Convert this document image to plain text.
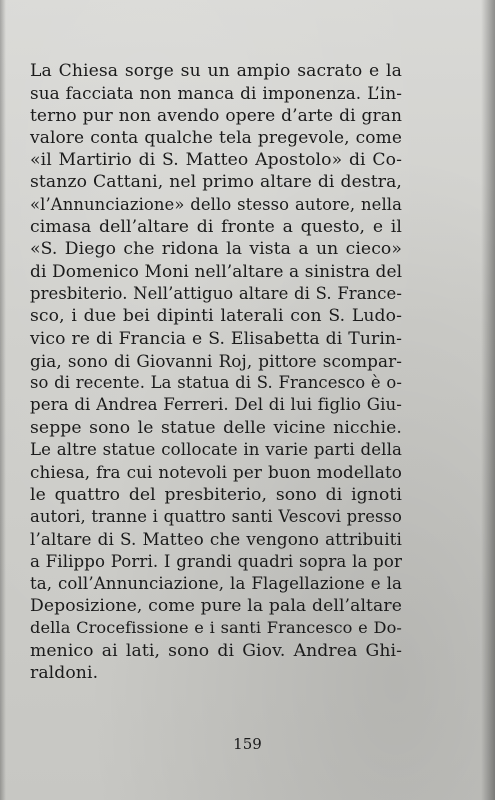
La Chiesa sorge su un ampio sacrato e la
sua facciata non manca di imponenza. L’in-
terno pur non avendo opere d’arte di gran
valore conta qualche tela pregevole, come
«il Martirio di S. Matteo Apostolo» di Co-
stanzo Cattani, nel primo altare di destra,
«l’Annunciazione» dello stesso autore, nella
cimasa dell’altare di fronte a questo, e il
«S. Diego che ridona la vista a un cieco»
di Domenico Moni nell’altare a sinistra del
presbiterio. Nell’attiguo altare di S. France-
sco, i due bei dipinti laterali con S. Ludo-
vico re di Francia e S. Elisabetta di Turin-
gia, sono di Giovanni Roj, pittore scompar-
so di recente. La statua di S. Francesco è o-
pera di Andrea Ferreri. Del di lui figlio Giu-
seppe sono le statue delle vicine nicchie.
Le altre statue collocate in varie parti della
chiesa, fra cui notevoli per buon modellato
le quattro del presbiterio, sono di ignoti
autori, tranne i quattro santi Vescovi presso
l’altare di S. Matteo che vengono attribuiti
a Filippo Porri. I grandi quadri sopra la por
ta, coll’Annunciazione, la Flagellazione e la
Deposizione, come pure la pala dell’altare
della Crocefissione e i santi Francesco e Do-
menico ai lati, sono di Giov. Andrea Ghi-
raldoni.
159
